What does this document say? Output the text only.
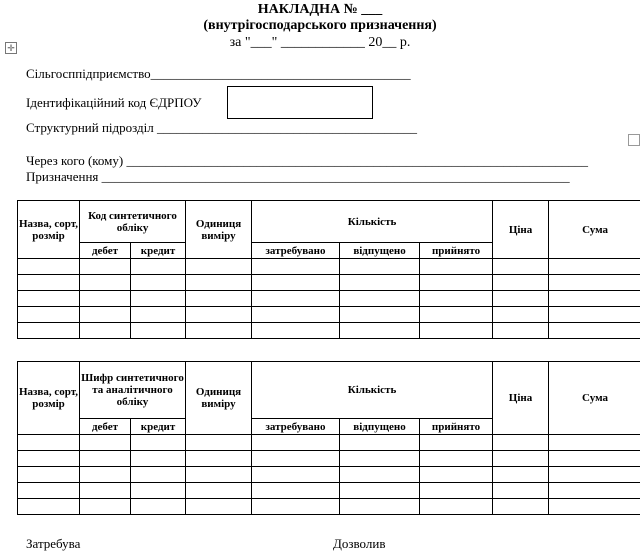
НАКЛАДНА № ___
(внутрігосподарського призначення)
за "___" ____________ 20__ р.
✛
Сільгосппідприємство________________________________________
Ідентифікаційний код ЄДРПОУ
Структурний підрозділ ________________________________________
Через кого (кому) _______________________________________________________________________
Призначення ________________________________________________________________________
Назва, сорт, розмір	Код синтетичного обліку		Одиниця виміру	Кількість			Ціна	Сума
	дебет	кредит		затребувано	відпущено	прийнято		

Назва, сорт, розмір	Шифр синтетичного та аналітичного обліку		Одиниця виміру	Кількість			Ціна	Сума
	дебет	кредит		затребувано	відпущено	прийнято		

Затребува	Дозволив
